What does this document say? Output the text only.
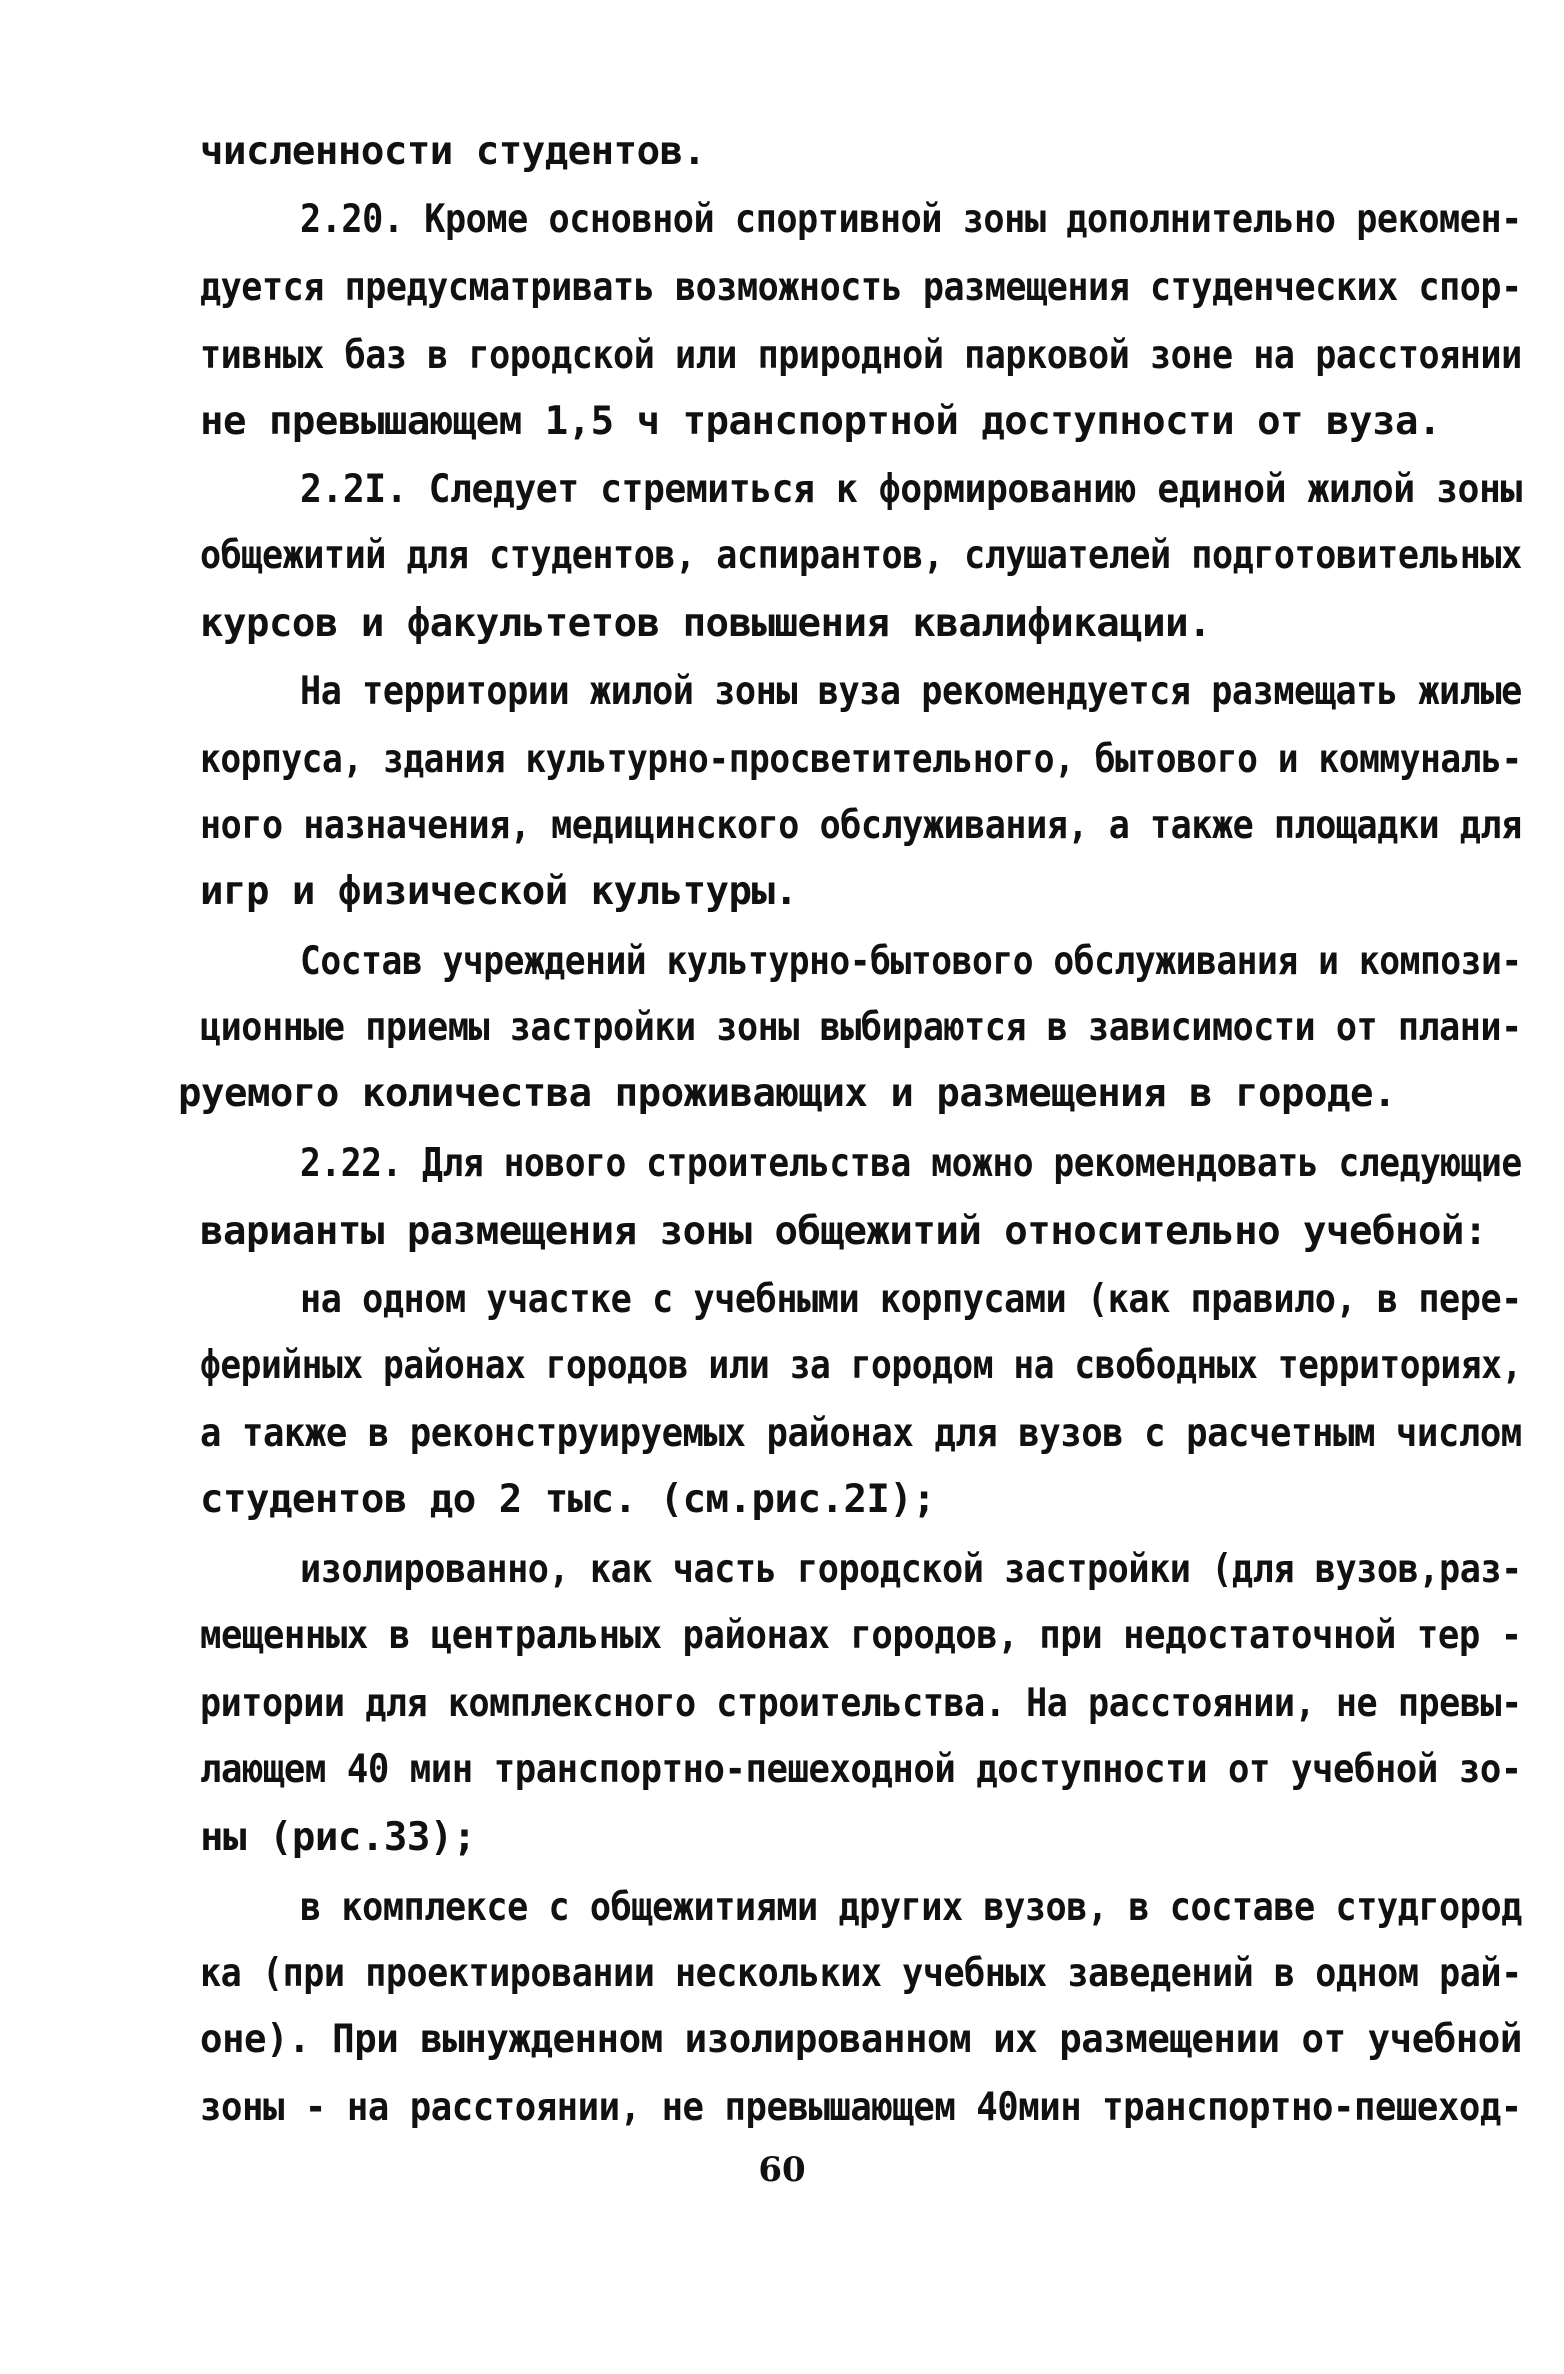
численности студентов.
2.20. Кроме основной спортивной зоны дополнительно рекомен-
дуется предусматривать возможность размещения студенческих спор-
тивных баз в городской или природной парковой зоне на расстоянии
не превышающем 1,5 ч транспортной доступности от вуза.
2.2I. Следует стремиться к формированию единой жилой зоны
общежитий для студентов, аспирантов, слушателей подготовительных
курсов и факультетов повышения квалификации.
На территории жилой зоны вуза рекомендуется размещать жилые
корпуса, здания культурно-просветительного, бытового и коммуналь-
ного назначения, медицинского обслуживания, а также площадки для
игр и физической культуры.
Состав учреждений культурно-бытового обслуживания и компози-
ционные приемы застройки зоны выбираются в зависимости от плани-
руемого количества проживающих и размещения в городе.
2.22. Для нового строительства можно рекомендовать следующие
варианты размещения зоны общежитий относительно учебной:
на одном участке с учебными корпусами (как правило, в пере-
ферийных районах городов или за городом на свободных территориях,
а также в реконструируемых районах для вузов с расчетным числом
студентов до 2 тыс. (см.рис.2I);
изолированно, как часть городской застройки (для вузов,раз-
мещенных в центральных районах городов, при недостаточной тер -
ритории для комплексного строительства. На расстоянии, не превы-
лающем 40 мин транспортно-пешеходной доступности от учебной зо-
ны (рис.33);
в комплексе с общежитиями других вузов, в составе студгород
ка (при проектировании нескольких учебных заведений в одном рай-
оне). При вынужденном изолированном их размещении от учебной
зоны - на расстоянии, не превышающем 40мин транспортно-пешеход-
60
